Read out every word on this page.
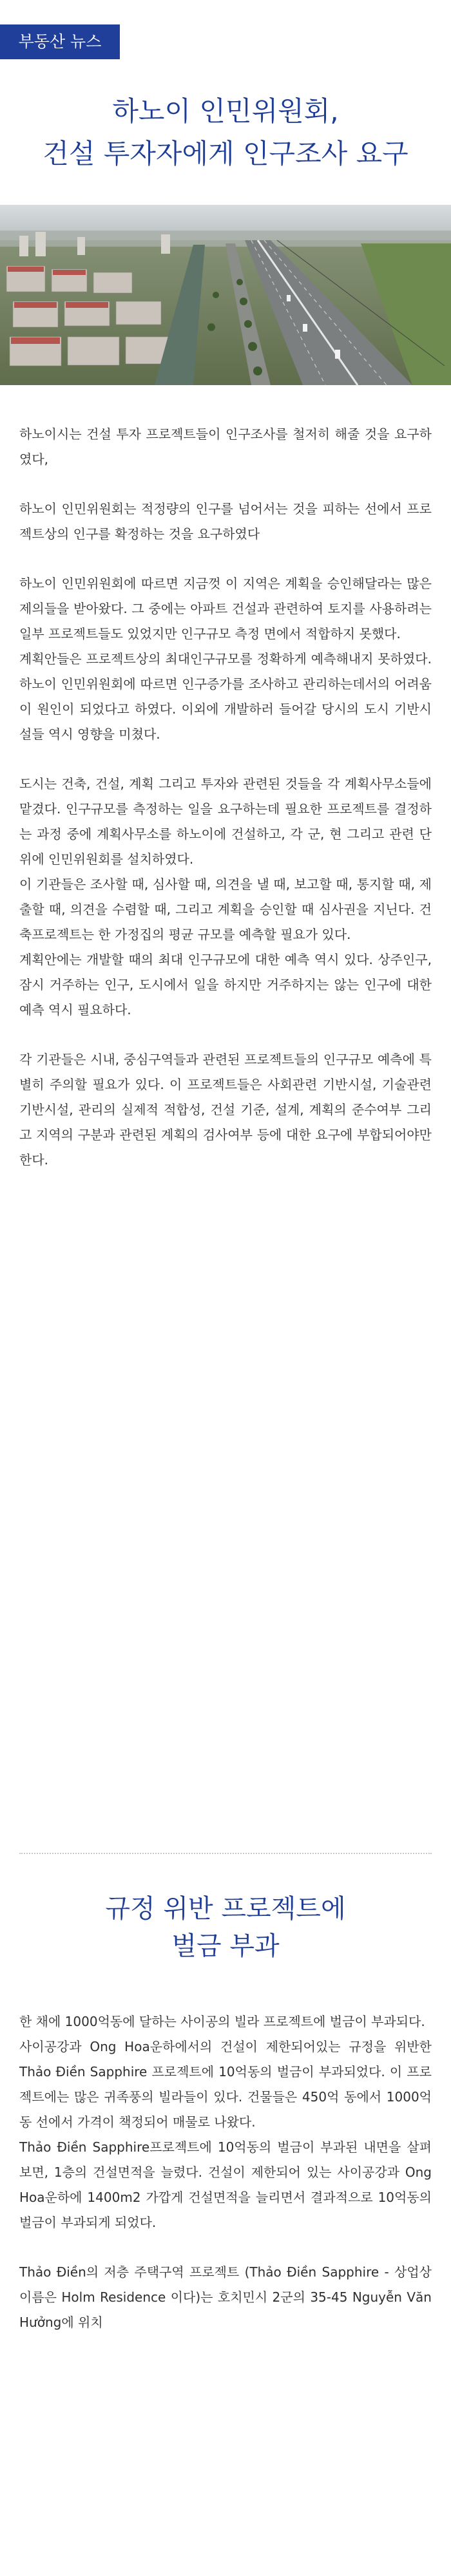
부동산 뉴스
하노이 인민위원회,
건설 투자자에게 인구조사 요구

하노이시는 건설 투자 프로젝트들이 인구조사를 철저히 해줄 것을 요구하였다,

하노이 인민위원회는 적정량의 인구를 넘어서는 것을 피하는 선에서 프로젝트상의 인구를 확정하는 것을 요구하였다

하노이 인민위원회에 따르면 지금껏 이 지역은 계획을 승인해달라는 많은 제의들을 받아왔다. 그 중에는 아파트 건설과 관련하여 토지를 사용하려는 일부 프로젝트들도 있었지만 인구규모 측정 면에서 적합하지 못했다.

계획안들은 프로젝트상의 최대인구규모를 정확하게 예측해내지 못하였다. 하노이 인민위원회에 따르면 인구증가를 조사하고 관리하는데서의 어려움이 원인이 되었다고 하였다. 이외에 개발하러 들어갈 당시의 도시 기반시설들 역시 영향을 미쳤다.

도시는 건축, 건설, 계획 그리고 투자와 관련된 것들을 각 계획사무소들에 맡겼다. 인구규모를 측정하는 일을 요구하는데 필요한 프로젝트를 결정하는 과정 중에 계획사무소를 하노이에 건설하고, 각 군, 현 그리고 관련 단위에 인민위원회를 설치하였다.

이 기관들은 조사할 때, 심사할 때, 의견을 낼 때, 보고할 때, 통지할 때, 제출할 때, 의견을 수렴할 때, 그리고 계획을 승인할 때 심사권을 지닌다. 건축프로젝트는 한 가정집의 평균 규모를 예측할 필요가 있다.

계획안에는 개발할 때의 최대 인구규모에 대한 예측 역시 있다. 상주인구, 잠시 거주하는 인구, 도시에서 일을 하지만 거주하지는 않는 인구에 대한 예측 역시 필요하다.

각 기관들은 시내, 중심구역들과 관련된 프로젝트들의 인구규모 예측에 특별히 주의할 필요가 있다. 이 프로젝트들은 사회관련 기반시설, 기술관련 기반시설, 관리의 실제적 적합성, 건설 기준, 설계, 계획의 준수여부 그리고 지역의 구분과 관련된 계획의 검사여부 등에 대한 요구에 부합되어야만 한다.

규정 위반 프로젝트에
벌금 부과

한 채에 1000억동에 달하는 사이공의 빌라 프로젝트에 벌금이 부과되다.

사이공강과 Ong Hoa운하에서의 건설이 제한되어있는 규정을 위반한 Thảo Điền Sapphire 프로젝트에 10억동의 벌금이 부과되었다. 이 프로젝트에는 많은 귀족풍의 빌라들이 있다. 건물들은 450억 동에서 1000억 동 선에서 가격이 책정되어 매물로 나왔다.

Thảo Điền Sapphire프로젝트에 10억동의 벌금이 부과된 내면을 살펴보면, 1층의 건설면적을 늘렸다. 건설이 제한되어 있는 사이공강과 Ong Hoa운하에 1400m2 가깝게 건설면적을 늘리면서 결과적으로 10억동의 벌금이 부과되게 되었다.

Thảo Điền의 저층 주택구역 프로젝트 (Thảo Điền Sapphire - 상업상 이름은 Holm Residence 이다)는 호치민시 2군의 35-45 Nguyễn Văn Hưởng에 위치
